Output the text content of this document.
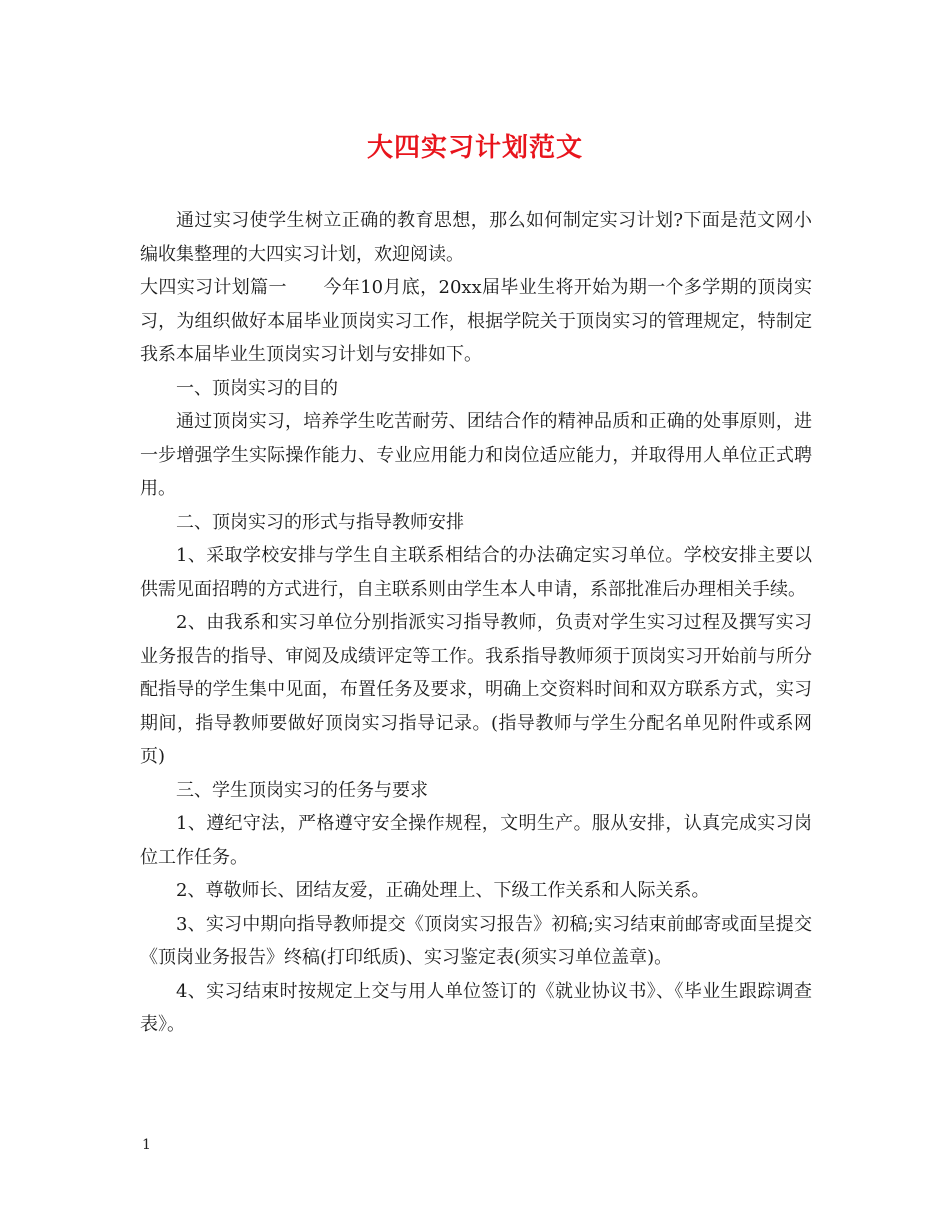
大四实习计划范文

通过实习使学生树立正确的教育思想，那么如何制定实习计划?下面是范文网小编收集整理的大四实习计划，欢迎阅读。

大四实习计划篇一　　今年10月底，20xx届毕业生将开始为期一个多学期的顶岗实习，为组织做好本届毕业顶岗实习工作，根据学院关于顶岗实习的管理规定，特制定我系本届毕业生顶岗实习计划与安排如下。

一、顶岗实习的目的

通过顶岗实习，培养学生吃苦耐劳、团结合作的精神品质和正确的处事原则，进一步增强学生实际操作能力、专业应用能力和岗位适应能力，并取得用人单位正式聘用。

二、顶岗实习的形式与指导教师安排

1、采取学校安排与学生自主联系相结合的办法确定实习单位。学校安排主要以供需见面招聘的方式进行，自主联系则由学生本人申请，系部批准后办理相关手续。

2、由我系和实习单位分别指派实习指导教师，负责对学生实习过程及撰写实习业务报告的指导、审阅及成绩评定等工作。我系指导教师须于顶岗实习开始前与所分配指导的学生集中见面，布置任务及要求，明确上交资料时间和双方联系方式，实习期间，指导教师要做好顶岗实习指导记录。(指导教师与学生分配名单见附件或系网页)

三、学生顶岗实习的任务与要求

1、遵纪守法，严格遵守安全操作规程，文明生产。服从安排，认真完成实习岗位工作任务。

2、尊敬师长、团结友爱，正确处理上、下级工作关系和人际关系。

3、实习中期向指导教师提交《顶岗实习报告》初稿;实习结束前邮寄或面呈提交《顶岗业务报告》终稿(打印纸质)、实习鉴定表(须实习单位盖章)。

4、实习结束时按规定上交与用人单位签订的《就业协议书》、《毕业生跟踪调查表》。

1
